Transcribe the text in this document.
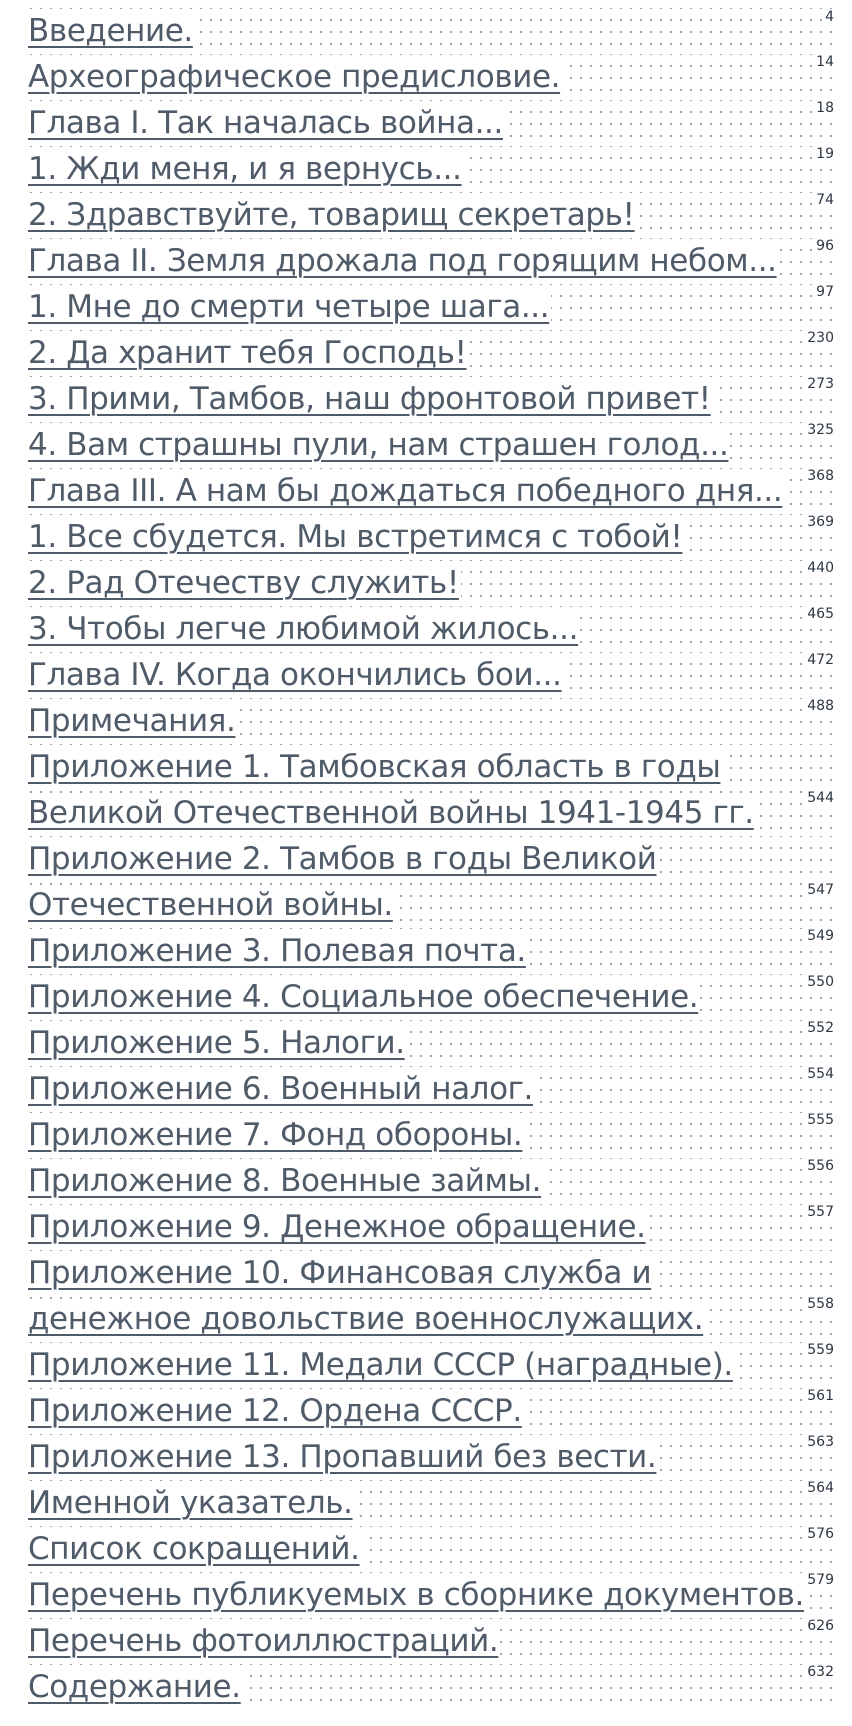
Введение.	4
Археографическое предисловие.	14
Глава I. Так началась война...	18
1. Жди меня, и я вернусь...	19
2. Здравствуйте, товарищ секретарь!	74
Глава II. Земля дрожала под горящим небом...	96
1. Мне до смерти четыре шага...	97
2. Да хранит тебя Господь!	230
3. Прими, Тамбов, наш фронтовой привет!	273
4. Вам страшны пули, нам страшен голод...	325
Глава III. А нам бы дождаться победного дня... 368
1. Все сбудется. Мы встретимся с тобой!	369
2. Рад Отечеству служить!	440
3. Чтобы легче любимой жилось...	465
Глава IV. Когда окончились бои...	472
Примечания.	488
Приложение 1. Тамбовская область в годы Великой Отечественной войны 1941-1945 гг.	544
Приложение 2. Тамбов в годы Великой Отечественной войны.	547
Приложение 3. Полевая почта.	549
Приложение 4. Социальное обеспечение.	550
Приложение 5. Налоги.	552
Приложение 6. Военный налог.	554
Приложение 7. Фонд обороны.	555
Приложение 8. Военные займы.	556
Приложение 9. Денежное обращение.	557
Приложение 10. Финансовая служба и денежное довольствие военнослужащих.	558
Приложение 11. Медали СССР (наградные).	559
Приложение 12. Ордена СССР.	561
Приложение 13. Пропавший без вести.	563
Именной указатель.	564
Список сокращений.	576
Перечень публикуемых в сборнике документов. 579
Перечень фотоиллюстраций.	626
Содержание.	632
